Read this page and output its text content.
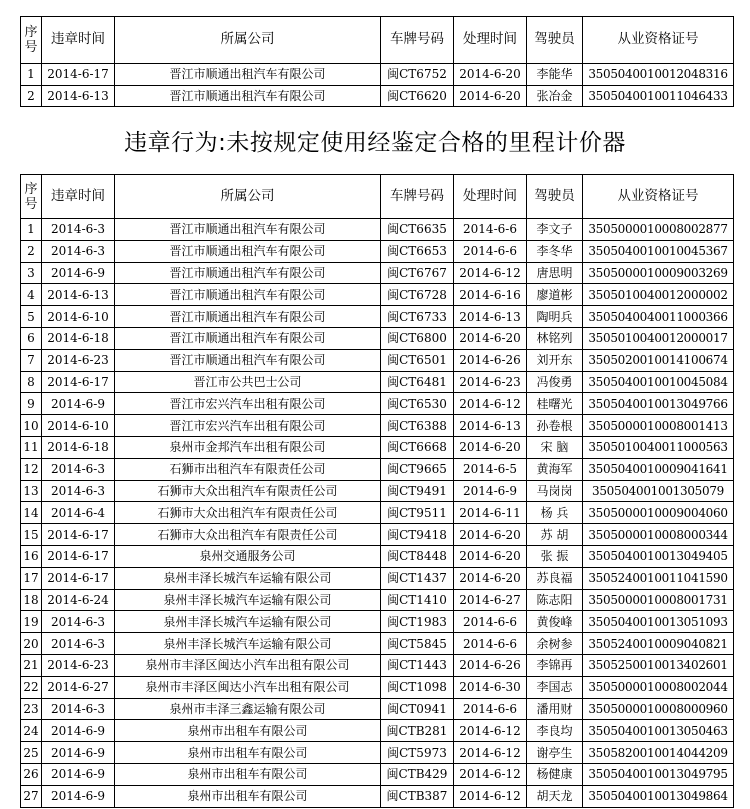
序号	违章时间	所属公司	车牌号码	处理时间	驾驶员	从业资格证号
1	2014-6-17	晋江市顺通出租汽车有限公司	闽CT6752	2014-6-20	李能华	350504001001​2048316
2	2014-6-13	晋江市顺通出租汽车有限公司	闽CT6620	2014-6-20	张冶金	350504001001​1046433
违章行为:未按规定使用经鉴定合格的里程计价器
序号	违章时间	所属公司	车牌号码	处理时间	驾驶员	从业资格证号
1	2014-6-3	晋江市顺通出租汽车有限公司	闽CT6635	2014-6-6	李文子	350500001000​8002877
2	2014-6-3	晋江市顺通出租汽车有限公司	闽CT6653	2014-6-6	李冬华	350504001001​0045367
3	2014-6-9	晋江市顺通出租汽车有限公司	闽CT6767	2014-6-12	唐思明	350500001000​9003269
4	2014-6-13	晋江市顺通出租汽车有限公司	闽CT6728	2014-6-16	廖道彬	350501004001​2000002
5	2014-6-10	晋江市顺通出租汽车有限公司	闽CT6733	2014-6-13	陶明兵	350504004001​1000366
6	2014-6-18	晋江市顺通出租汽车有限公司	闽CT6800	2014-6-20	林铭列	350501004001​2000017
7	2014-6-23	晋江市顺通出租汽车有限公司	闽CT6501	2014-6-26	刘开东	350502001001​4100674
8	2014-6-17	晋江市公共巴士公司	闽CT6481	2014-6-23	冯俊勇	350504001001​0045084
9	2014-6-9	晋江市宏兴汽车出租有限公司	闽CT6530	2014-6-12	桂曙光	350504001001​3049766
10	2014-6-10	晋江市宏兴汽车出租有限公司	闽CT6388	2014-6-13	孙卷根	350500001000​8001413
11	2014-6-18	泉州市金邦汽车出租有限公司	闽CT6668	2014-6-20	宋 脑	350501004001​1000563
12	2014-6-3	石狮市出租汽车有限责任公司	闽CT9665	2014-6-5	黄海军	350504001000​9041641
13	2014-6-3	石狮市大众出租汽车有限责任公司	闽CT9491	2014-6-9	马岗岗	350504001001​305079
14	2014-6-4	石狮市大众出租汽车有限责任公司	闽CT9511	2014-6-11	杨 兵	350500001000​9004060
15	2014-6-17	石狮市大众出租汽车有限责任公司	闽CT9418	2014-6-20	苏 胡	350500001000​8000344
16	2014-6-17	泉州交通服务公司	闽CT8448	2014-6-20	张 振	350504001001​3049405
17	2014-6-17	泉州丰泽长城汽车运输有限公司	闽CT1437	2014-6-20	苏良福	350524001001​1041590
18	2014-6-24	泉州丰泽长城汽车运输有限公司	闽CT1410	2014-6-27	陈志阳	350500001000​8001731
19	2014-6-3	泉州丰泽长城汽车运输有限公司	闽CT1983	2014-6-6	黄俊峰	350504001001​3051093
20	2014-6-3	泉州丰泽长城汽车运输有限公司	闽CT5845	2014-6-6	余树参	350524001000​9040821
21	2014-6-23	泉州市丰泽区闽达小汽车出租有限公司	闽CT1443	2014-6-26	李锦再	350525001001​3402601
22	2014-6-27	泉州市丰泽区闽达小汽车出租有限公司	闽CT1098	2014-6-30	李国志	350500001000​8002044
23	2014-6-3	泉州市丰泽三鑫运输有限公司	闽CT0941	2014-6-6	潘用财	350500001000​8000960
24	2014-6-9	泉州市出租车有限公司	闽CTB281	2014-6-12	李良均	350504001001​3050463
25	2014-6-9	泉州市出租车有限公司	闽CT5973	2014-6-12	谢亭生	350582001001​4044209
26	2014-6-9	泉州市出租车有限公司	闽CTB429	2014-6-12	杨健康	350504001001​3049795
27	2014-6-9	泉州市出租车有限公司	闽CTB387	2014-6-12	胡天龙	350504001001​3049864
